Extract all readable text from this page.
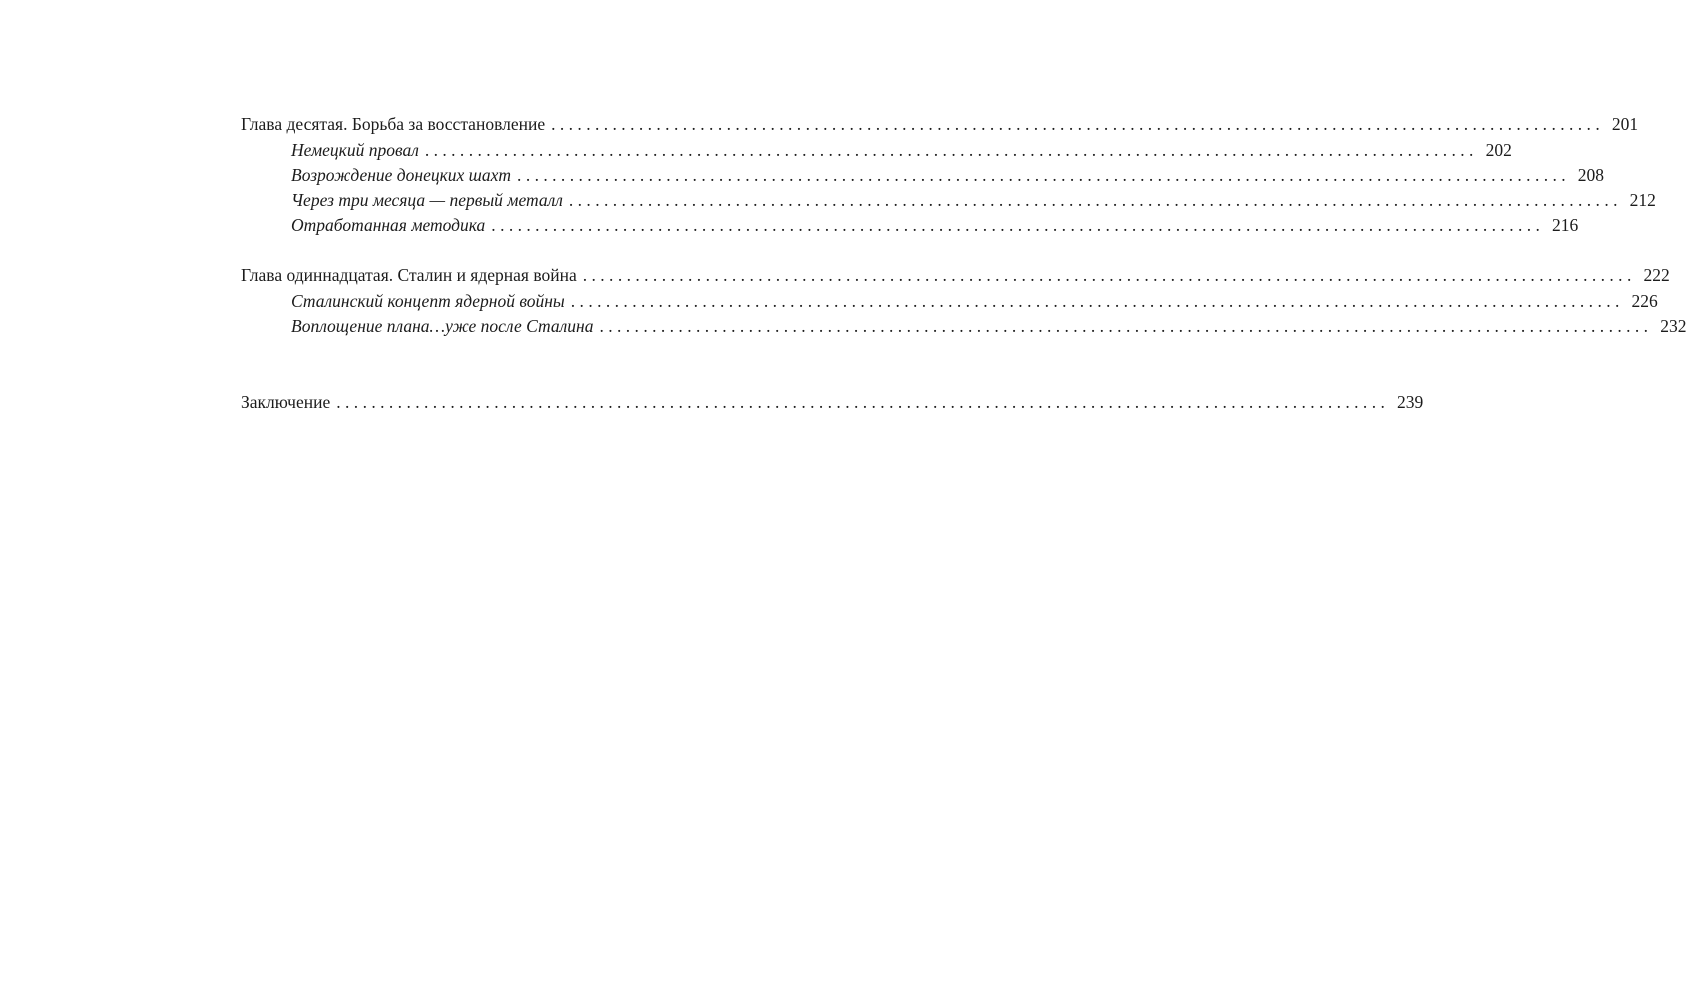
Глава десятая. Борьба за восстановление ........................................................................................................................ 201
Немецкий провал ........................................................................................................................ 202
Возрождение донецких шахт ........................................................................................................................ 208
Через три месяца — первый металл ........................................................................................................................ 212
Отработанная методика ........................................................................................................................ 216
Глава одиннадцатая. Сталин и ядерная война ........................................................................................................................ 222
Сталинский концепт ядерной войны ........................................................................................................................ 226
Воплощение плана…уже после Сталина ........................................................................................................................ 232
Заключение ........................................................................................................................ 239
